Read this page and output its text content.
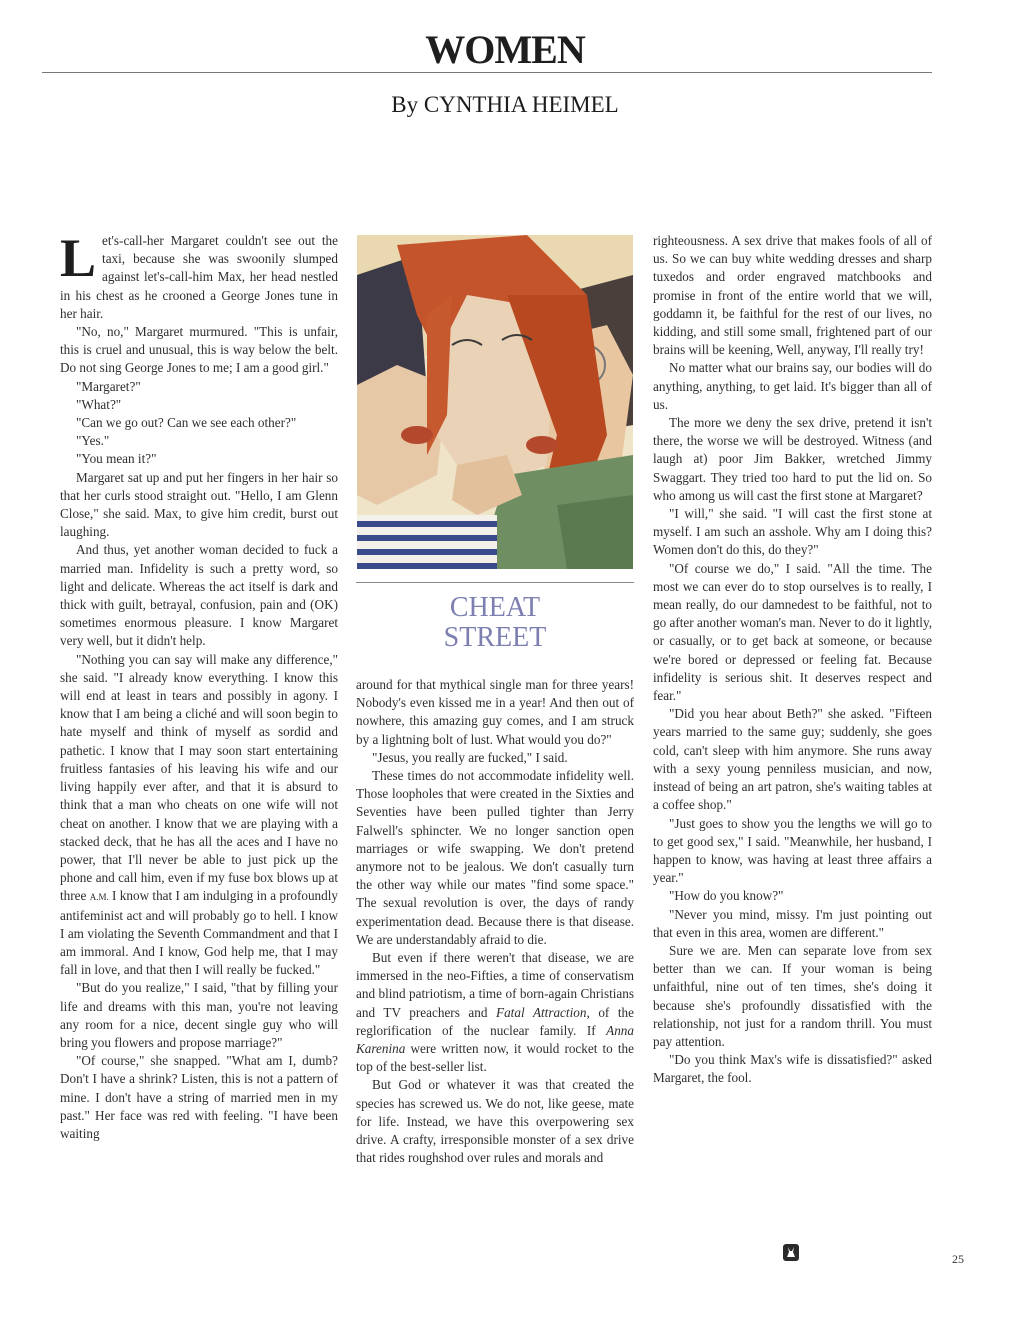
WOMEN
By CYNTHIA HEIMEL

Let's-call-her Margaret couldn't see out the taxi, because she was swoonily slumped against let's-call-him Max, her head nestled in his chest as he crooned a George Jones tune in her hair.

"No, no," Margaret murmured. "This is unfair, this is cruel and unusual, this is way below the belt. Do not sing George Jones to me; I am a good girl."

"Margaret?"

"What?"

"Can we go out? Can we see each other?"

"Yes."

"You mean it?"

Margaret sat up and put her fingers in her hair so that her curls stood straight out. "Hello, I am Glenn Close," she said. Max, to give him credit, burst out laughing.

And thus, yet another woman decided to fuck a married man. Infidelity is such a pretty word, so light and delicate. Whereas the act itself is dark and thick with guilt, betrayal, confusion, pain and (OK) sometimes enormous pleasure. I know Margaret very well, but it didn't help.

"Nothing you can say will make any difference," she said. "I already know everything. I know this will end at least in tears and possibly in agony. I know that I am being a cliché and will soon begin to hate myself and think of myself as sordid and pathetic. I know that I may soon start entertaining fruitless fantasies of his leaving his wife and our living happily ever after, and that it is absurd to think that a man who cheats on one wife will not cheat on another. I know that we are playing with a stacked deck, that he has all the aces and I have no power, that I'll never be able to just pick up the phone and call him, even if my fuse box blows up at three A.M. I know that I am indulging in a profoundly antifeminist act and will probably go to hell. I know I am violating the Seventh Commandment and that I am immoral. And I know, God help me, that I may fall in love, and that then I will really be fucked."

"But do you realize," I said, "that by filling your life and dreams with this man, you're not leaving any room for a nice, decent single guy who will bring you flowers and propose marriage?"

"Of course," she snapped. "What am I, dumb? Don't I have a shrink? Listen, this is not a pattern of mine. I don't have a string of married men in my past." Her face was red with feeling. "I have been waiting

CHEAT
STREET

around for that mythical single man for three years! Nobody's even kissed me in a year! And then out of nowhere, this amazing guy comes, and I am struck by a lightning bolt of lust. What would you do?"

"Jesus, you really are fucked," I said.

These times do not accommodate infidelity well. Those loopholes that were created in the Sixties and Seventies have been pulled tighter than Jerry Falwell's sphincter. We no longer sanction open marriages or wife swapping. We don't pretend anymore not to be jealous. We don't casually turn the other way while our mates "find some space." The sexual revolution is over, the days of randy experimentation dead. Because there is that disease. We are understandably afraid to die.

But even if there weren't that disease, we are immersed in the neo-Fifties, a time of conservatism and blind patriotism, a time of born-again Christians and TV preachers and Fatal Attraction, of the reglorification of the nuclear family. If Anna Karenina were written now, it would rocket to the top of the best-seller list.

But God or whatever it was that created the species has screwed us. We do not, like geese, mate for life. Instead, we have this overpowering sex drive. A crafty, irresponsible monster of a sex drive that rides roughshod over rules and morals and

righteousness. A sex drive that makes fools of all of us. So we can buy white wedding dresses and sharp tuxedos and order engraved matchbooks and promise in front of the entire world that we will, goddamn it, be faithful for the rest of our lives, no kidding, and still some small, frightened part of our brains will be keening, Well, anyway, I'll really try!

No matter what our brains say, our bodies will do anything, anything, to get laid. It's bigger than all of us.

The more we deny the sex drive, pretend it isn't there, the worse we will be destroyed. Witness (and laugh at) poor Jim Bakker, wretched Jimmy Swaggart. They tried too hard to put the lid on. So who among us will cast the first stone at Margaret?

"I will," she said. "I will cast the first stone at myself. I am such an asshole. Why am I doing this? Women don't do this, do they?"

"Of course we do," I said. "All the time. The most we can ever do to stop ourselves is to really, I mean really, do our damnedest to be faithful, not to go after another woman's man. Never to do it lightly, or casually, or to get back at someone, or because we're bored or depressed or feeling fat. Because infidelity is serious shit. It deserves respect and fear."

"Did you hear about Beth?" she asked. "Fifteen years married to the same guy; suddenly, she goes cold, can't sleep with him anymore. She runs away with a sexy young penniless musician, and now, instead of being an art patron, she's waiting tables at a coffee shop."

"Just goes to show you the lengths we will go to to get good sex," I said. "Meanwhile, her husband, I happen to know, was having at least three affairs a year."

"How do you know?"

"Never you mind, missy. I'm just pointing out that even in this area, women are different."

Sure we are. Men can separate love from sex better than we can. If your woman is being unfaithful, nine out of ten times, she's doing it because she's profoundly dissatisfied with the relationship, not just for a random thrill. You must pay attention.

"Do you think Max's wife is dissatisfied?" asked Margaret, the fool.

25
